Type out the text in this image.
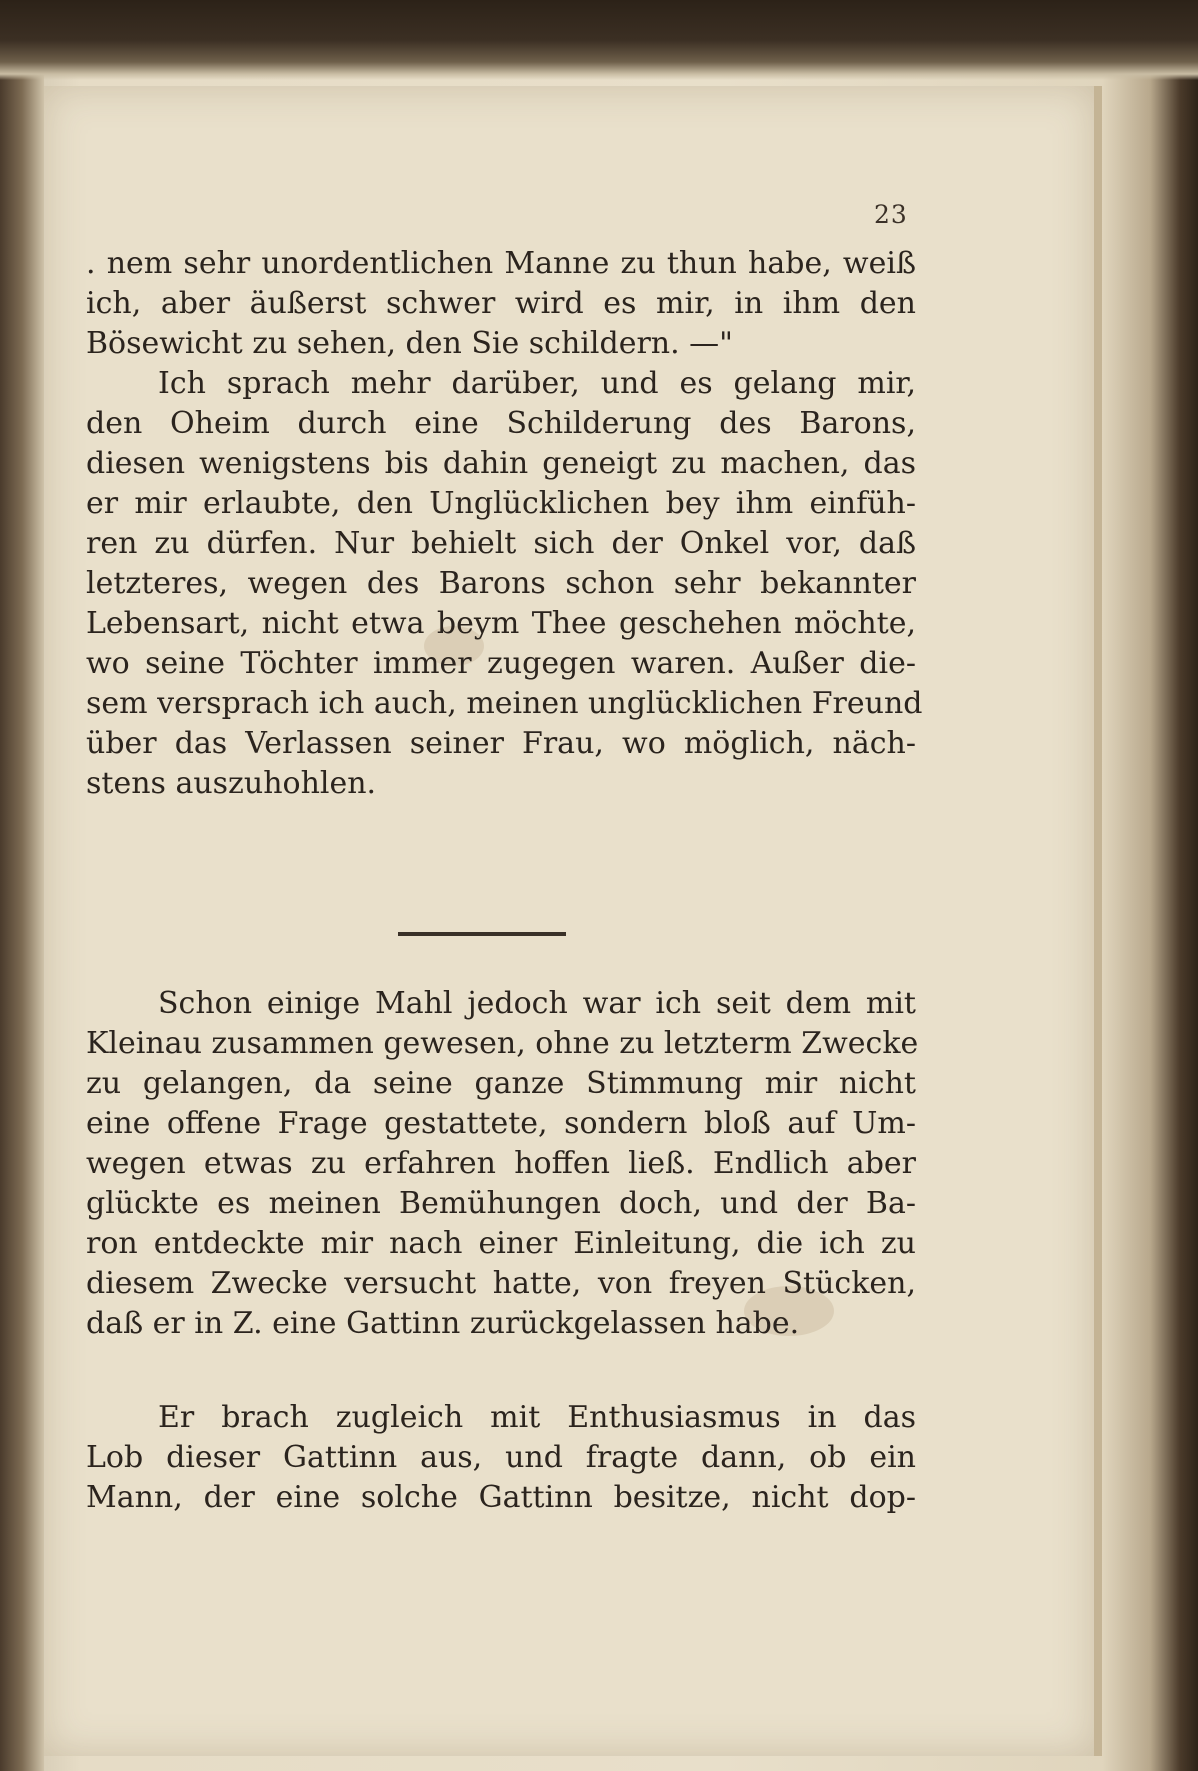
23
. nem sehr unordentlichen Manne zu thun habe, weiß
ich, aber äußerst schwer wird es mir, in ihm den
Bösewicht zu sehen, den Sie schildern. —"
Ich sprach mehr darüber, und es gelang mir,
den Oheim durch eine Schilderung des Barons,
diesen wenigstens bis dahin geneigt zu machen, das
er mir erlaubte, den Unglücklichen bey ihm einfüh-
ren zu dürfen. Nur behielt sich der Onkel vor, daß
letzteres, wegen des Barons schon sehr bekannter
Lebensart, nicht etwa beym Thee geschehen möchte,
wo seine Töchter immer zugegen waren. Außer die-
sem versprach ich auch, meinen unglücklichen Freund
über das Verlassen seiner Frau, wo möglich, näch-
stens auszuhohlen.
Schon einige Mahl jedoch war ich seit dem mit
Kleinau zusammen gewesen, ohne zu letzterm Zwecke
zu gelangen, da seine ganze Stimmung mir nicht
eine offene Frage gestattete, sondern bloß auf Um-
wegen etwas zu erfahren hoffen ließ. Endlich aber
glückte es meinen Bemühungen doch, und der Ba-
ron entdeckte mir nach einer Einleitung, die ich zu
diesem Zwecke versucht hatte, von freyen Stücken,
daß er in Z. eine Gattinn zurückgelassen habe.
Er brach zugleich mit Enthusiasmus in das
Lob dieser Gattinn aus, und fragte dann, ob ein
Mann, der eine solche Gattinn besitze, nicht dop-
